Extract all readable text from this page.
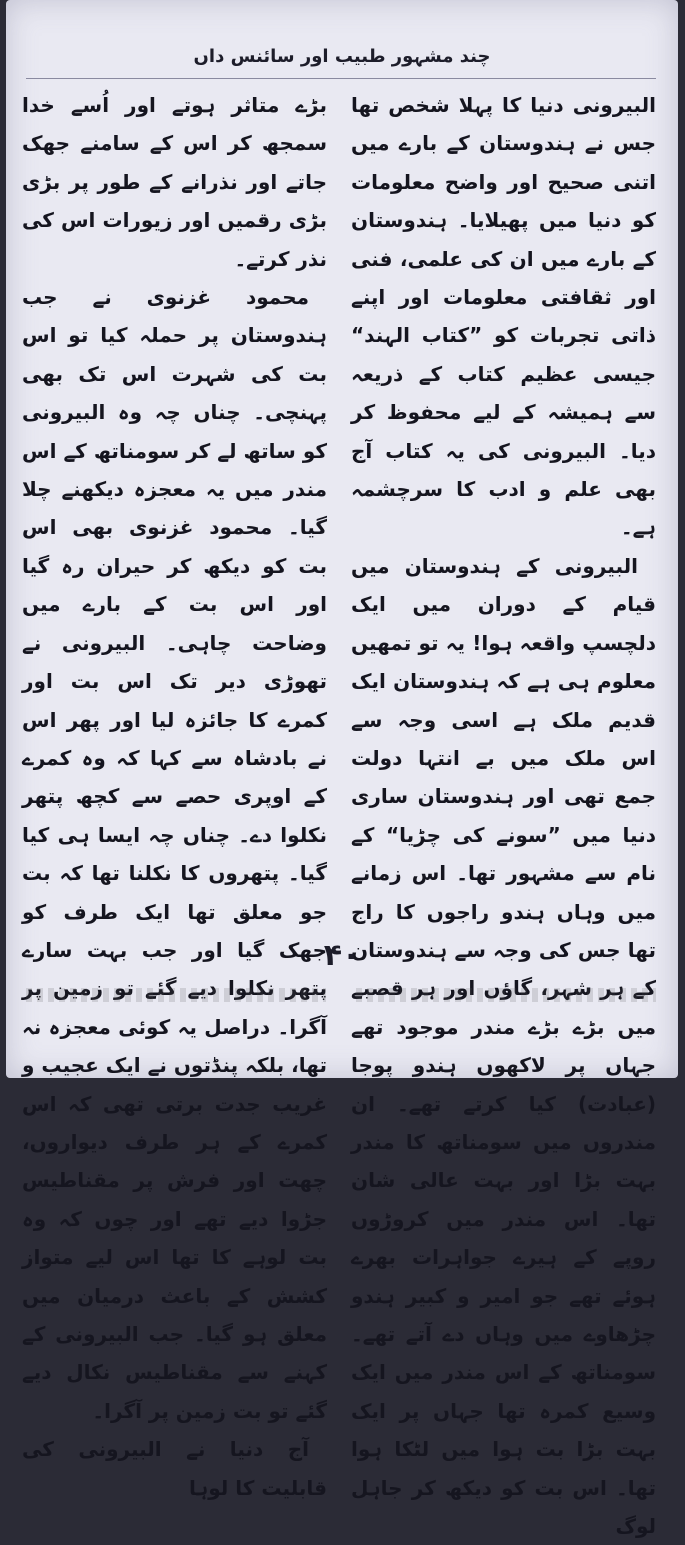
چند مشہور طبیب اور سائنس داں

البیرونی دنیا کا پہلا شخص تھا جس نے ہندوستان کے بارے میں اتنی صحیح اور واضح معلومات کو دنیا میں پھیلایا۔ ہندوستان کے بارے میں ان کی علمی، فنی اور ثقافتی معلومات اور اپنے ذاتی تجربات کو ”کتاب الہند“ جیسی عظیم کتاب کے ذریعہ سے ہمیشہ کے لیے محفوظ کر دیا۔ البیرونی کی یہ کتاب آج بھی علم و ادب کا سرچشمہ ہے۔

البیرونی کے ہندوستان میں قیام کے دوران میں ایک دلچسپ واقعہ ہوا! یہ تو تمھیں معلوم ہی ہے کہ ہندوستان ایک قدیم ملک ہے اسی وجہ سے اس ملک میں بے انتہا دولت جمع تھی اور ہندوستان ساری دنیا میں ”سونے کی چڑیا“ کے نام سے مشہور تھا۔ اس زمانے میں وہاں ہندو راجوں کا راج تھا جس کی وجہ سے ہندوستان کے ہر شہر، گاؤں اور ہر قصبے میں بڑے بڑے مندر موجود تھے جہاں پر لاکھوں ہندو پوجا (عبادت) کیا کرتے تھے۔ ان مندروں میں سومناتھ کا مندر بہت بڑا اور بہت عالی شان تھا۔ اس مندر میں کروڑوں روپے کے ہیرے جواہرات بھرے ہوئے تھے جو امیر و کبیر ہندو چڑھاوے میں وہاں دے آتے تھے۔ سومناتھ کے اس مندر میں ایک وسیع کمرہ تھا جہاں پر ایک بہت بڑا بت ہوا میں لٹکا ہوا تھا۔ اس بت کو دیکھ کر جاہل لوگ

بڑے متاثر ہوتے اور اُسے خدا سمجھ کر اس کے سامنے جھک جاتے اور نذرانے کے طور پر بڑی بڑی رقمیں اور زیورات اس کی نذر کرتے۔

محمود غزنوی نے جب ہندوستان پر حملہ کیا تو اس بت کی شہرت اس تک بھی پہنچی۔ چناں چہ وہ البیرونی کو ساتھ لے کر سومناتھ کے اس مندر میں یہ معجزہ دیکھنے چلا گیا۔ محمود غزنوی بھی اس بت کو دیکھ کر حیران رہ گیا اور اس بت کے بارے میں وضاحت چاہی۔ البیرونی نے تھوڑی دیر تک اس بت اور کمرے کا جائزہ لیا اور پھر اس نے بادشاہ سے کہا کہ وہ کمرے کے اوپری حصے سے کچھ پتھر نکلوا دے۔ چناں چہ ایسا ہی کیا گیا۔ پتھروں کا نکلنا تھا کہ بت جو معلق تھا ایک طرف کو جھک گیا اور جب بہت سارے پتھر نکلوا دیے گئے تو زمین پر آگرا۔ دراصل یہ کوئی معجزہ نہ تھا، بلکہ پنڈتوں نے ایک عجیب و غریب جدت برتی تھی کہ اس کمرے کے ہر طرف دیواروں، چھت اور فرش پر مقناطیس جڑوا دیے تھے اور چوں کہ وہ بت لوہے کا تھا اس لیے متواز کشش کے باعث درمیان میں معلق ہو گیا۔ جب البیرونی کے کہنے سے مقناطیس نکال دیے گئے تو بت زمین پر آگرا۔

آج دنیا نے البیرونی کی قابلیت کا لوہا

۴۰
